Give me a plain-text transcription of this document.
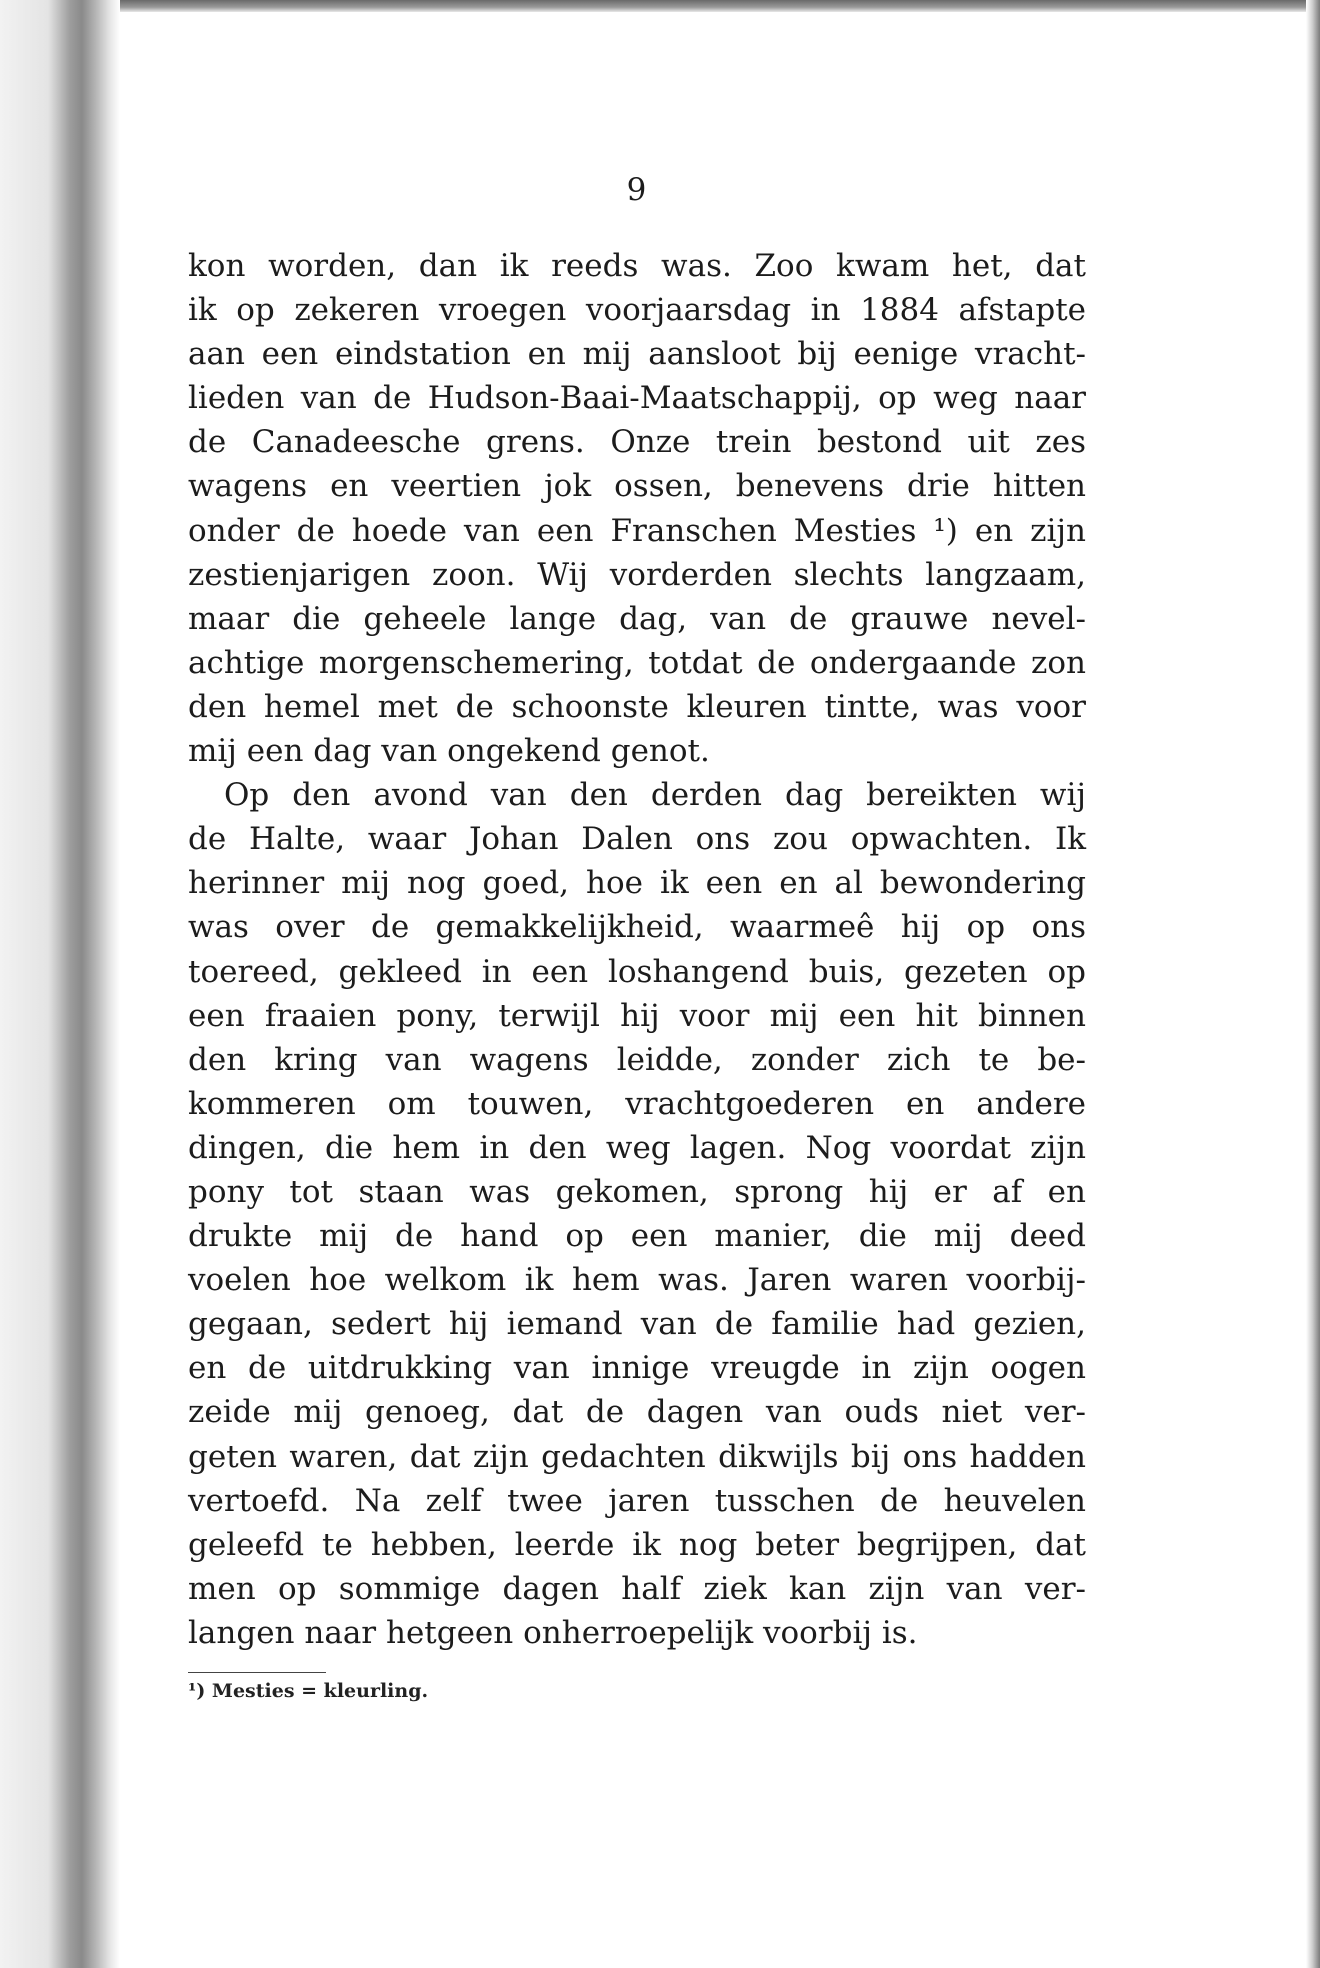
9
kon worden, dan ik reeds was. Zoo kwam het, dat
ik op zekeren vroegen voorjaarsdag in 1884 afstapte
aan een eindstation en mij aansloot bij eenige vracht-
lieden van de Hudson-Baai-Maatschappij, op weg naar
de Canadeesche grens. Onze trein bestond uit zes
wagens en veertien jok ossen, benevens drie hitten
onder de hoede van een Franschen Mesties ¹) en zijn
zestienjarigen zoon. Wij vorderden slechts langzaam,
maar die geheele lange dag, van de grauwe nevel-
achtige morgenschemering, totdat de ondergaande zon
den hemel met de schoonste kleuren tintte, was voor
mij een dag van ongekend genot.
Op den avond van den derden dag bereikten wij
de Halte, waar Johan Dalen ons zou opwachten. Ik
herinner mij nog goed, hoe ik een en al bewondering
was over de gemakkelijkheid, waarmeê hij op ons
toereed, gekleed in een loshangend buis, gezeten op
een fraaien pony, terwijl hij voor mij een hit binnen
den kring van wagens leidde, zonder zich te be-
kommeren om touwen, vrachtgoederen en andere
dingen, die hem in den weg lagen. Nog voordat zijn
pony tot staan was gekomen, sprong hij er af en
drukte mij de hand op een manier, die mij deed
voelen hoe welkom ik hem was. Jaren waren voorbij-
gegaan, sedert hij iemand van de familie had gezien,
en de uitdrukking van innige vreugde in zijn oogen
zeide mij genoeg, dat de dagen van ouds niet ver-
geten waren, dat zijn gedachten dikwijls bij ons hadden
vertoefd. Na zelf twee jaren tusschen de heuvelen
geleefd te hebben, leerde ik nog beter begrijpen, dat
men op sommige dagen half ziek kan zijn van ver-
langen naar hetgeen onherroepelijk voorbij is.
¹) Mesties = kleurling.
